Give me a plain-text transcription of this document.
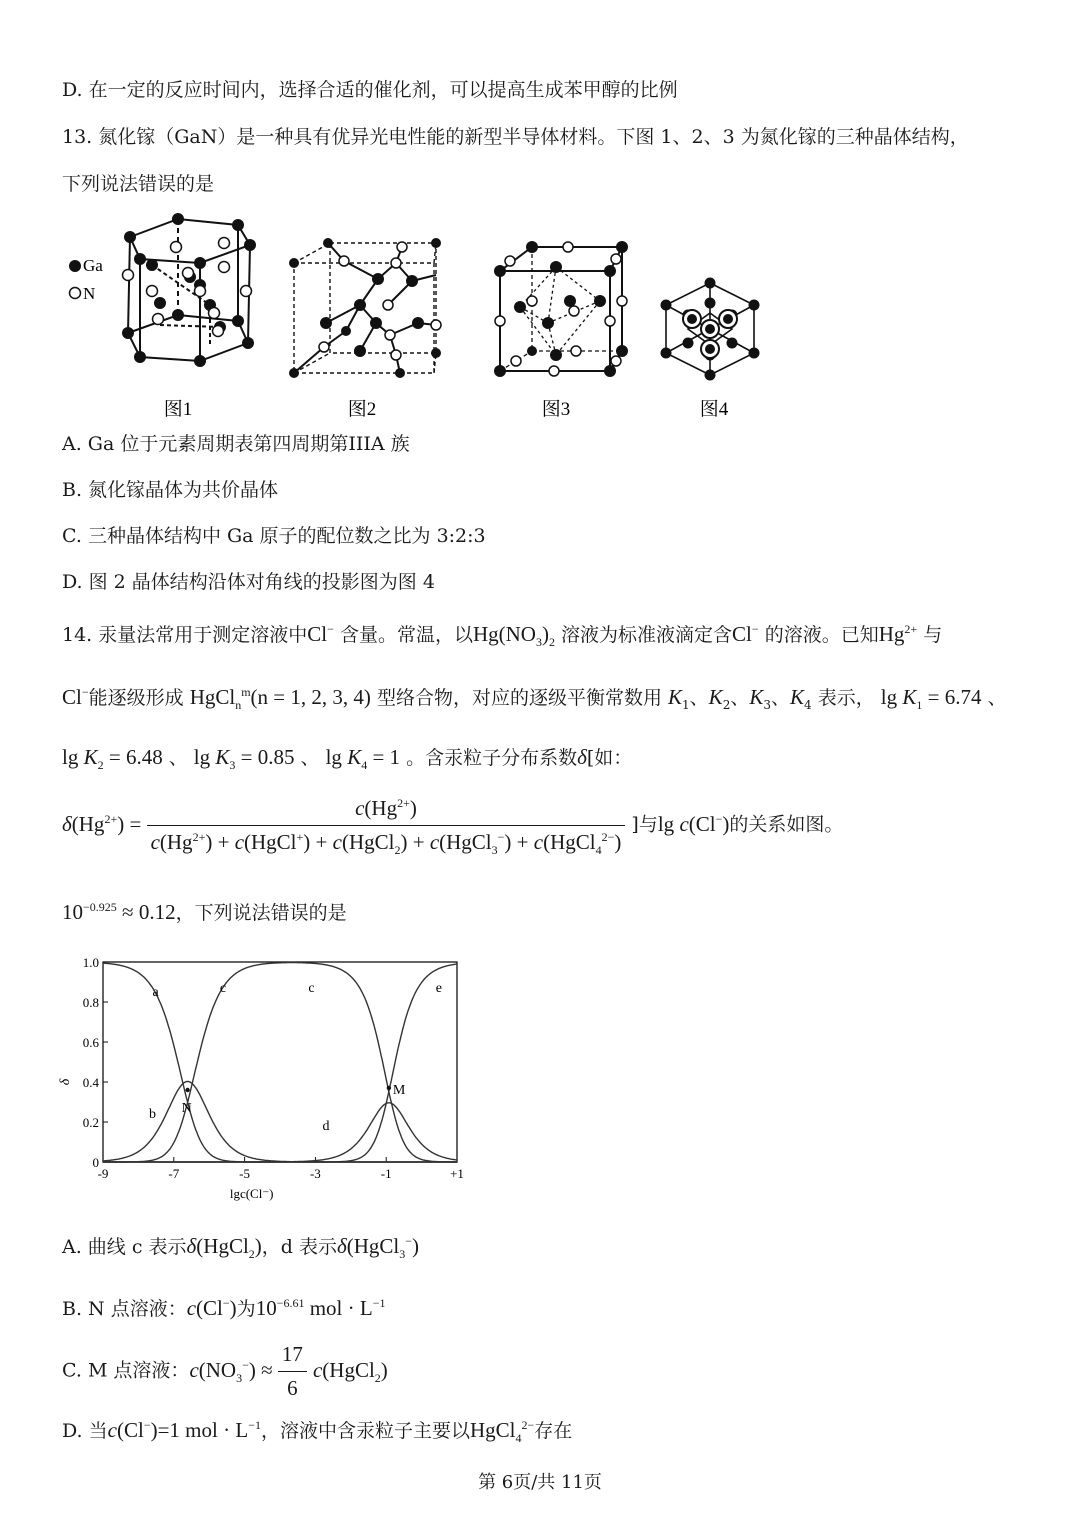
D. 在一定的反应时间内，选择合适的催化剂，可以提高生成苯甲醇的比例
13. 氮化镓（GaN）是一种具有优异光电性能的新型半导体材料。下图 1、2、3 为氮化镓的三种晶体结构，
下列说法错误的是
Ga
N
图1	图2	图3	图4
A. Ga 位于元素周期表第四周期第IIIA 族
B. 氮化镓晶体为共价晶体
C. 三种晶体结构中 Ga 原子的配位数之比为 3:2:3
D. 图 2 晶体结构沿体对角线的投影图为图 4
14. 汞量法常用于测定溶液中Cl− 含量。常温，以$Hg(NO_3)_2$ 溶液为标准液滴定含Cl− 的溶液。已知$Hg^{2+}$ 与
Cl−能逐级形成 HgCl$_n^m$(n = 1, 2, 3, 4) 型络合物，对应的逐级平衡常数用 $K_1$、$K_2$、$K_3$、$K_4$ 表示， $\lg K_1 = 6.74$ 、
$\lg K_2 = 6.48$ 、 $\lg K_3 = 0.85$ 、 $\lg K_4 = 1$ 。含汞粒子分布系数δ[如：
$\delta(Hg^{2+}) = \frac{c(Hg^{2+})}{c(Hg^{2+}) + c(HgCl^+) + c(HgCl_2) + c(HgCl_3^-) + c(HgCl_4^{2-})}$ ]与lg c(Cl−)的关系如图。
$10^{-0.925} \approx 0.12$，下列说法错误的是
-9	-7	-5	-3	-1	+1
0
0.2
0.4
0.6
0.8
1.0
a	c
b
c
d
e
N
M
lgc(Cl⁻)
δ
A. 曲线 c 表示δ(HgCl$_2$)，d 表示δ(HgCl$_3$−)
B. N 点溶液：c(Cl−)为$10^{-6.61}$ mol · $L^{-1}$
C. M 点溶液：$c(NO_3^-) \approx \frac{17}{6}$ c(HgCl$_2$)
D. 当c(Cl−)=1 mol · $L^{-1}$，溶液中含汞粒子主要以HgCl$_4^{2-}$存在
第 6页/共 11页
